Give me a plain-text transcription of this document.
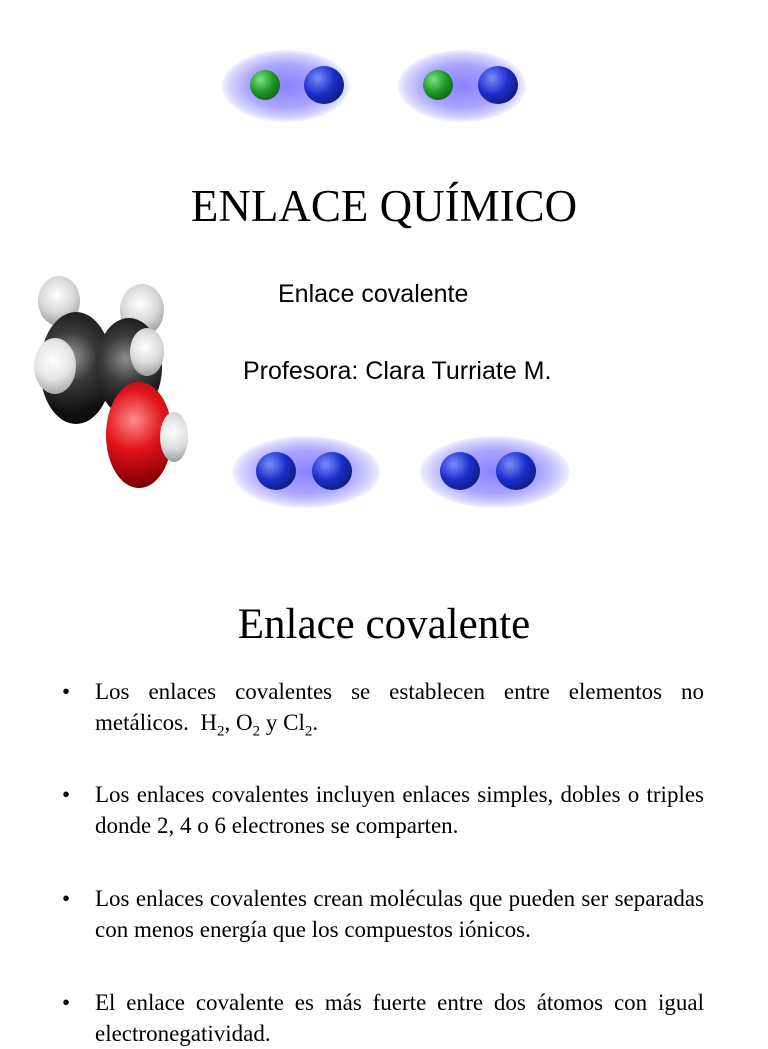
ENLACE QUÍMICO
Enlace covalente
Profesora: Clara Turriate M.
Enlace covalente
• Los enlaces covalentes se establecen entre elementos no metálicos. $H_2$, $O_2$ y $Cl_2$.
• Los enlaces covalentes incluyen enlaces simples, dobles o triples donde 2, 4 o 6 electrones se comparten.
• Los enlaces covalentes crean moléculas que pueden ser separadas con menos energía que los compuestos iónicos.
• El enlace covalente es más fuerte entre dos átomos con igual electronegatividad.
